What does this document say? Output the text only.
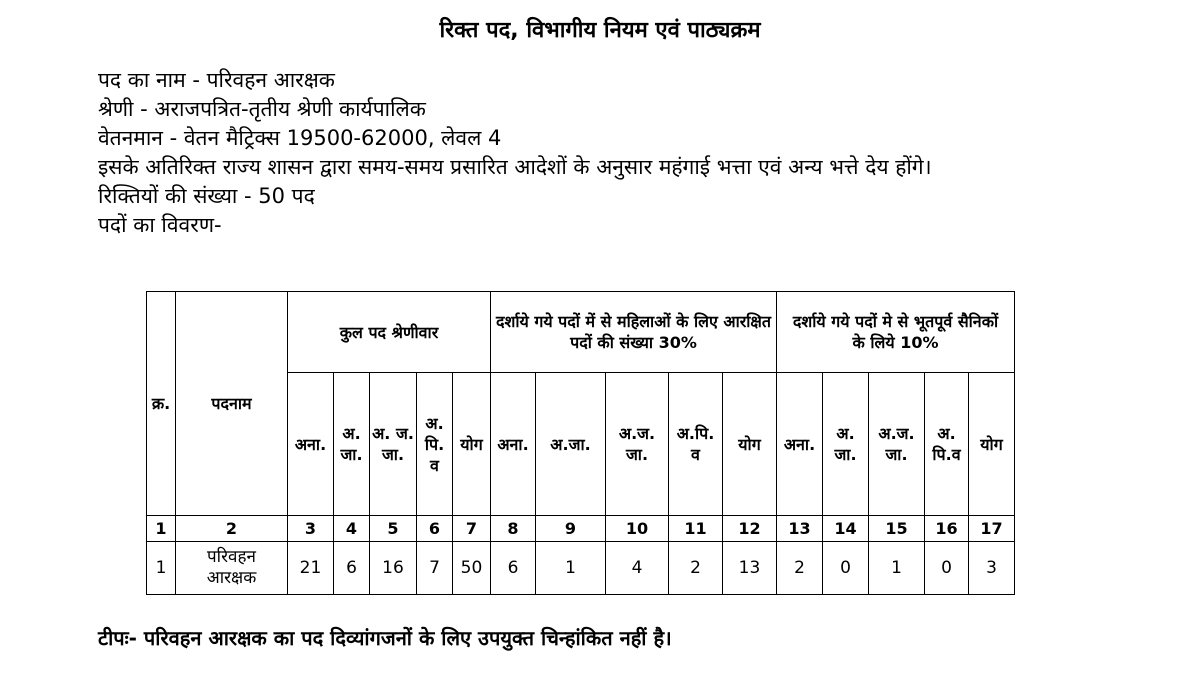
रिक्त पद, विभागीय नियम एवं पाठ्यक्रम
पद का नाम - परिवहन आरक्षक
श्रेणी - अराजपत्रित-तृतीय श्रेणी कार्यपालिक
वेतनमान - वेतन मैट्रिक्स 19500-62000, लेवल 4
इसके अतिरिक्त राज्य शासन द्वारा समय-समय प्रसारित आदेशों के अनुसार महंगाई भत्ता एवं अन्य भत्ते देय होंगे।
रिक्तियों की संख्या - 50 पद
पदों का विवरण-
क्र.	पदनाम	कुल पद श्रेणीवार					दर्शाये गये पदों में से महिलाओं के लिए आरक्षित पदों की संख्या 30%					दर्शाये गये पदों मे से भूतपूर्व सैनिकों के लिये 10%				
		अना.	अ. जा.	अ. ज. जा.	अ. पि. व	योग	अना.	अ.जा.	अ.ज. जा.	अ.पि. व	योग	अना.	अ. जा.	अ.ज. जा.	अ. पि.व	योग
1	2	3	4	5	6	7	8	9	10	11	12	13	14	15	16	17
1	परिवहन आरक्षक	21	6	16	7	50	6	1	4	2	13	2	0	1	0	3
टीपः- परिवहन आरक्षक का पद दिव्यांगजनों के लिए उपयुक्त चिन्हांकित नहीं है।
